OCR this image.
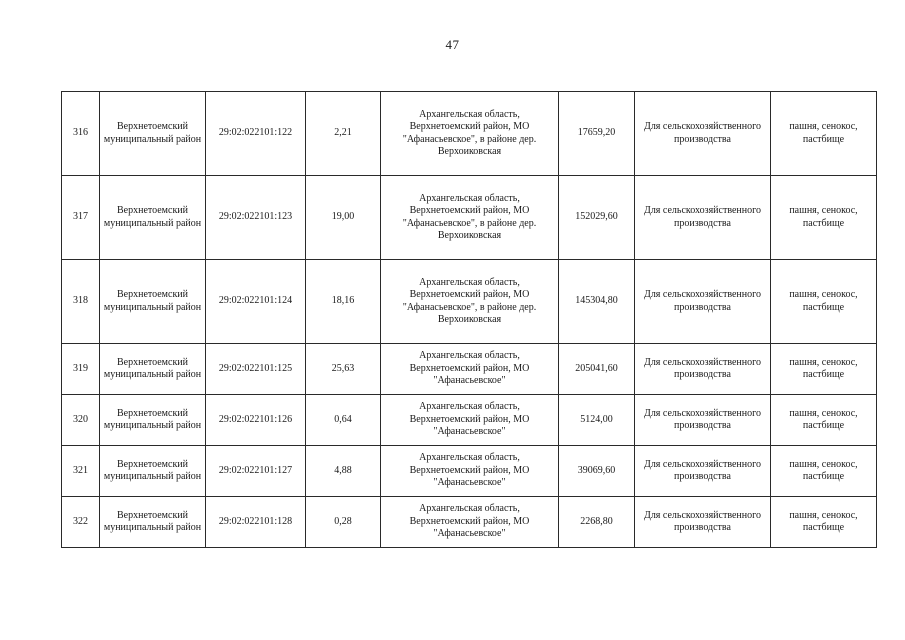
47
316	Верхнетоемский муниципальный район	29:02:022101:122	2,21	Архангельская область, Верхнетоемский район, МО "Афанасьевское", в районе дер. Верхоиковская	17659,20	Для сельскохозяйственного производства	пашня, сенокос, пастбище
317	Верхнетоемский муниципальный район	29:02:022101:123	19,00	Архангельская область, Верхнетоемский район, МО "Афанасьевское", в районе дер. Верхоиковская	152029,60	Для сельскохозяйственного производства	пашня, сенокос, пастбище
318	Верхнетоемский муниципальный район	29:02:022101:124	18,16	Архангельская область, Верхнетоемский район, МО "Афанасьевское", в районе дер. Верхоиковская	145304,80	Для сельскохозяйственного производства	пашня, сенокос, пастбище
319	Верхнетоемский муниципальный район	29:02:022101:125	25,63	Архангельская область, Верхнетоемский район, МО "Афанасьевское"	205041,60	Для сельскохозяйственного производства	пашня, сенокос, пастбище
320	Верхнетоемский муниципальный район	29:02:022101:126	0,64	Архангельская область, Верхнетоемский район, МО "Афанасьевское"	5124,00	Для сельскохозяйственного производства	пашня, сенокос, пастбище
321	Верхнетоемский муниципальный район	29:02:022101:127	4,88	Архангельская область, Верхнетоемский район, МО "Афанасьевское"	39069,60	Для сельскохозяйственного производства	пашня, сенокос, пастбище
322	Верхнетоемский муниципальный район	29:02:022101:128	0,28	Архангельская область, Верхнетоемский район, МО "Афанасьевское"	2268,80	Для сельскохозяйственного производства	пашня, сенокос, пастбище
